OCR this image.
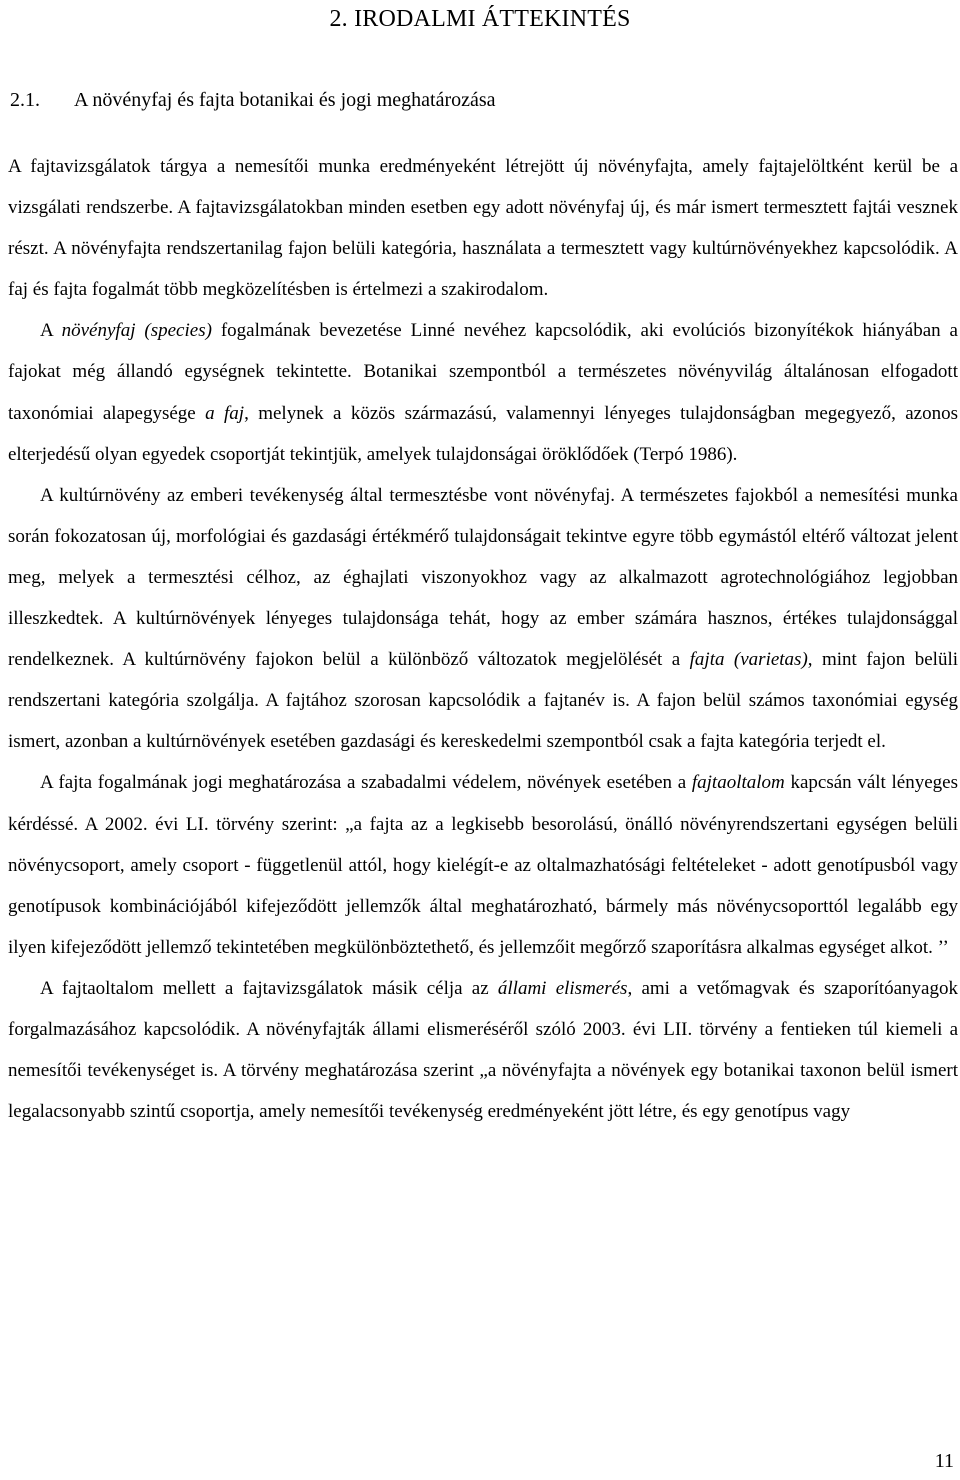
2. IRODALMI ÁTTEKINTÉS
2.1. A növényfaj és fajta botanikai és jogi meghatározása

A fajtavizsgálatok tárgya a nemesítői munka eredményeként létrejött új növényfajta, amely fajtajelöltként kerül be a vizsgálati rendszerbe. A fajtavizsgálatokban minden esetben egy adott növényfaj új, és már ismert termesztett fajtái vesznek részt. A növényfajta rendszertanilag fajon belüli kategória, használata a termesztett vagy kultúrnövényekhez kapcsolódik. A faj és fajta fogalmát több megközelítésben is értelmezi a szakirodalom.

A növényfaj (species) fogalmának bevezetése Linné nevéhez kapcsolódik, aki evolúciós bizonyítékok hiányában a fajokat még állandó egységnek tekintette. Botanikai szempontból a természetes növényvilág általánosan elfogadott taxonómiai alapegysége a faj, melynek a közös származású, valamennyi lényeges tulajdonságban megegyező, azonos elterjedésű olyan egyedek csoportját tekintjük, amelyek tulajdonságai öröklődőek (Terpó 1986).

A kultúrnövény az emberi tevékenység által termesztésbe vont növényfaj. A természetes fajokból a nemesítési munka során fokozatosan új, morfológiai és gazdasági értékmérő tulajdonságait tekintve egyre több egymástól eltérő változat jelent meg, melyek a termesztési célhoz, az éghajlati viszonyokhoz vagy az alkalmazott agrotechnológiához legjobban illeszkedtek. A kultúrnövények lényeges tulajdonsága tehát, hogy az ember számára hasznos, értékes tulajdonsággal rendelkeznek. A kultúrnövény fajokon belül a különböző változatok megjelölését a fajta (varietas), mint fajon belüli rendszertani kategória szolgálja. A fajtához szorosan kapcsolódik a fajtanév is. A fajon belül számos taxonómiai egység ismert, azonban a kultúrnövények esetében gazdasági és kereskedelmi szempontból csak a fajta kategória terjedt el.

A fajta fogalmának jogi meghatározása a szabadalmi védelem, növények esetében a fajtaoltalom kapcsán vált lényeges kérdéssé. A 2002. évi LI. törvény szerint: „a fajta az a legkisebb besorolású, önálló növényrendszertani egységen belüli növénycsoport, amely csoport - függetlenül attól, hogy kielégít-e az oltalmazhatósági feltételeket - adott genotípusból vagy genotípusok kombinációjából kifejeződött jellemzők által meghatározható, bármely más növénycsoporttól legalább egy ilyen kifejeződött jellemző tekintetében megkülönböztethető, és jellemzőit megőrző szaporításra alkalmas egységet alkot. ’’

A fajtaoltalom mellett a fajtavizsgálatok másik célja az állami elismerés, ami a vetőmagvak és szaporítóanyagok forgalmazásához kapcsolódik. A növényfajták állami elismeréséről szóló 2003. évi LII. törvény a fentieken túl kiemeli a nemesítői tevékenységet is. A törvény meghatározása szerint „a növényfajta a növények egy botanikai taxonon belül ismert legalacsonyabb szintű csoportja, amely nemesítői tevékenység eredményeként jött létre, és egy genotípus vagy

11
